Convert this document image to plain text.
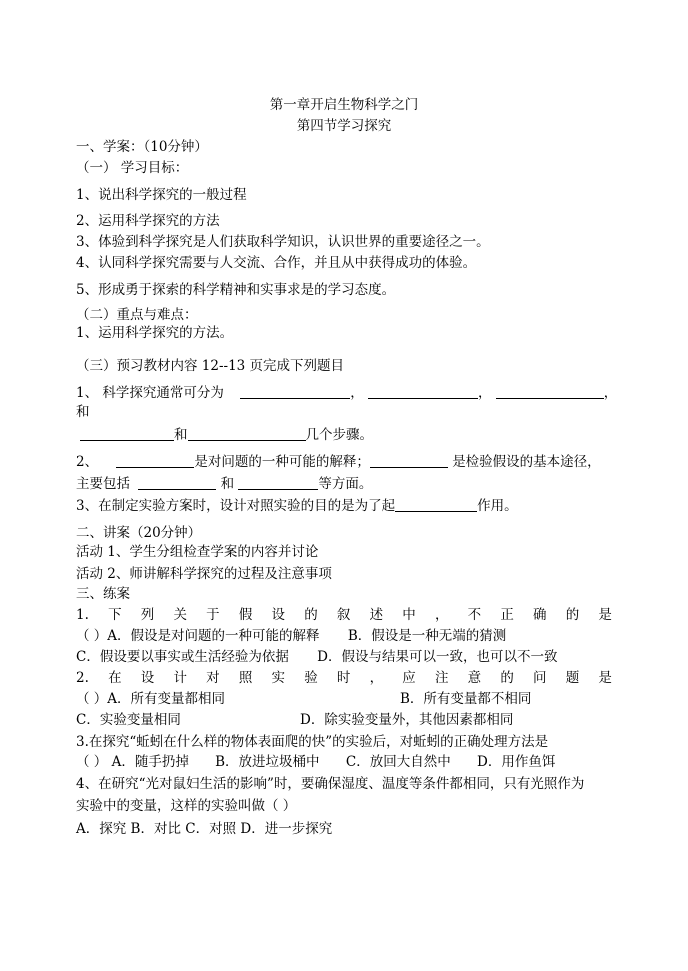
第一章开启生物科学之门
第四节学习探究
一、学案：（10分钟）
（一） 学习目标：
1、说出科学探究的一般过程
2、运用科学探究的方法
3、体验到科学探究是人们获取科学知识，认识世界的重要途径之一。
4、认同科学探究需要与人交流、合作，并且从中获得成功的体验。
5、形成勇于探索的科学精神和实事求是的学习态度。
（二）重点与难点：
1、运用科学探究的方法。
（三）预习教材内容 12--13 页完成下列题目
1、 科学探究通常可分为	，	，	，
和
和	几个步骤。
2、	是对问题的一种可能的解释；	是检验假设的基本途径，
主要包括	和	等方面。
3、在制定实验方案时，设计对照实验的目的是为了起	作用。
二、讲案（20分钟）
活动 1、学生分组检查学案的内容并讨论
活动 2、师讲解科学探究的过程及注意事项
三、练案
1. 下 列 关 于 假 设 的 叙 述 中 ， 不 正 确 的 是
（ ）A．假设是对问题的一种可能的解释 B．假设是一种无端的猜测
C．假设要以事实或生活经验为依据 D．假设与结果可以一致，也可以不一致
2. 在 设 计 对 照 实 验 时 ， 应 注 意 的 问 题 是
（ ）A．所有变量都相同	B．所有变量都不相同
C．实验变量相同	D．除实验变量外，其他因素都相同
3.在探究“蚯蚓在什么样的物体表面爬的快”的实验后，对蚯蚓的正确处理方法是
（ ） A．随手扔掉 B．放进垃圾桶中 C．放回大自然中 D．用作鱼饵
4、在研究“光对鼠妇生活的影响”时，要确保湿度、温度等条件都相同，只有光照作为
实验中的变量，这样的实验叫做（ ）
A．探究 B．对比 C．对照 D．进一步探究
